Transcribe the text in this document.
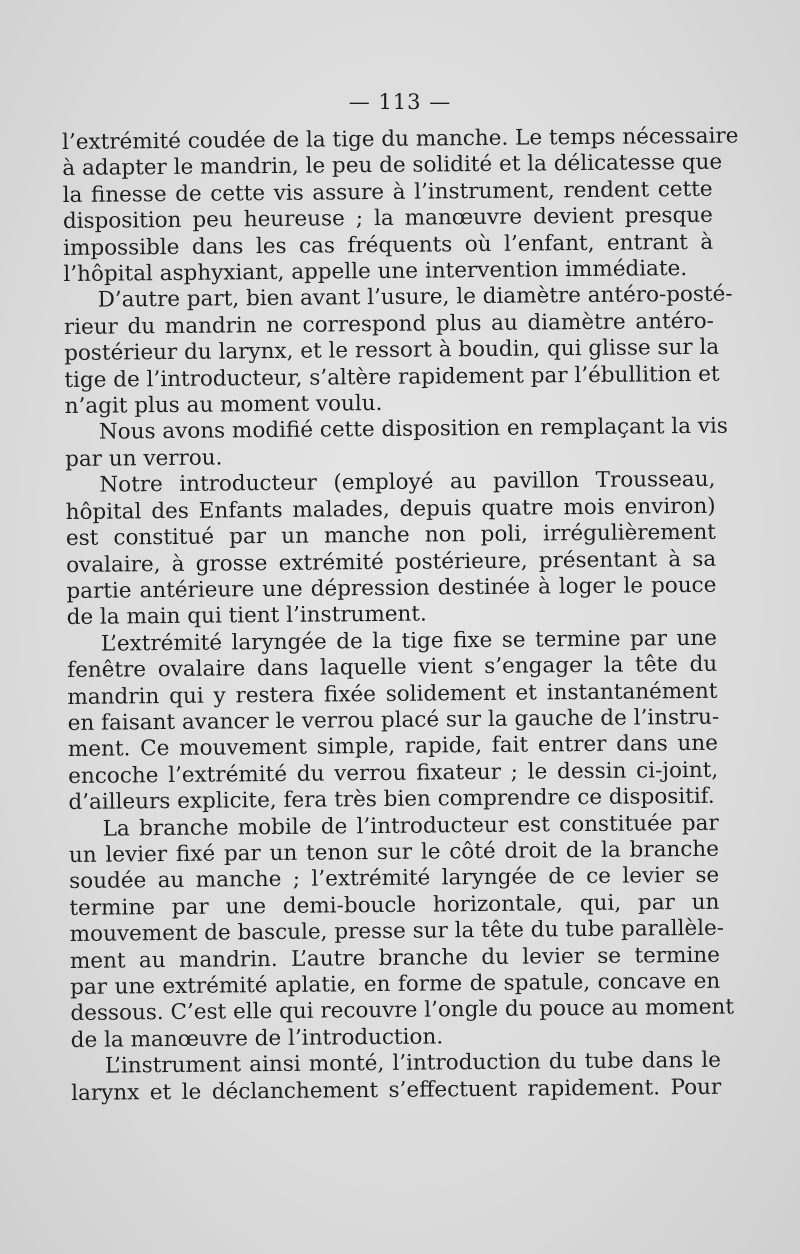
— 113 —
l’extrémité coudée de la tige du manche. Le temps nécessaire
à adapter le mandrin, le peu de solidité et la délicatesse que
la finesse de cette vis assure à l’instrument, rendent cette
disposition peu heureuse ; la manœuvre devient presque
impossible dans les cas fréquents où l’enfant, entrant à
l’hôpital asphyxiant, appelle une intervention immédiate.
D’autre part, bien avant l’usure, le diamètre antéro-posté-
rieur du mandrin ne correspond plus au diamètre antéro-
postérieur du larynx, et le ressort à boudin, qui glisse sur la
tige de l’introducteur, s’altère rapidement par l’ébullition et
n’agit plus au moment voulu.
Nous avons modifié cette disposition en remplaçant la vis
par un verrou.
Notre introducteur (employé au pavillon Trousseau,
hôpital des Enfants malades, depuis quatre mois environ)
est constitué par un manche non poli, irrégulièrement
ovalaire, à grosse extrémité postérieure, présentant à sa
partie antérieure une dépression destinée à loger le pouce
de la main qui tient l’instrument.
L’extrémité laryngée de la tige fixe se termine par une
fenêtre ovalaire dans laquelle vient s’engager la tête du
mandrin qui y restera fixée solidement et instantanément
en faisant avancer le verrou placé sur la gauche de l’instru-
ment. Ce mouvement simple, rapide, fait entrer dans une
encoche l’extrémité du verrou fixateur ; le dessin ci-joint,
d’ailleurs explicite, fera très bien comprendre ce dispositif.
La branche mobile de l’introducteur est constituée par
un levier fixé par un tenon sur le côté droit de la branche
soudée au manche ; l’extrémité laryngée de ce levier se
termine par une demi-boucle horizontale, qui, par un
mouvement de bascule, presse sur la tête du tube parallèle-
ment au mandrin. L’autre branche du levier se termine
par une extrémité aplatie, en forme de spatule, concave en
dessous. C’est elle qui recouvre l’ongle du pouce au moment
de la manœuvre de l’introduction.
L’instrument ainsi monté, l’introduction du tube dans le
larynx et le déclanchement s’effectuent rapidement. Pour
